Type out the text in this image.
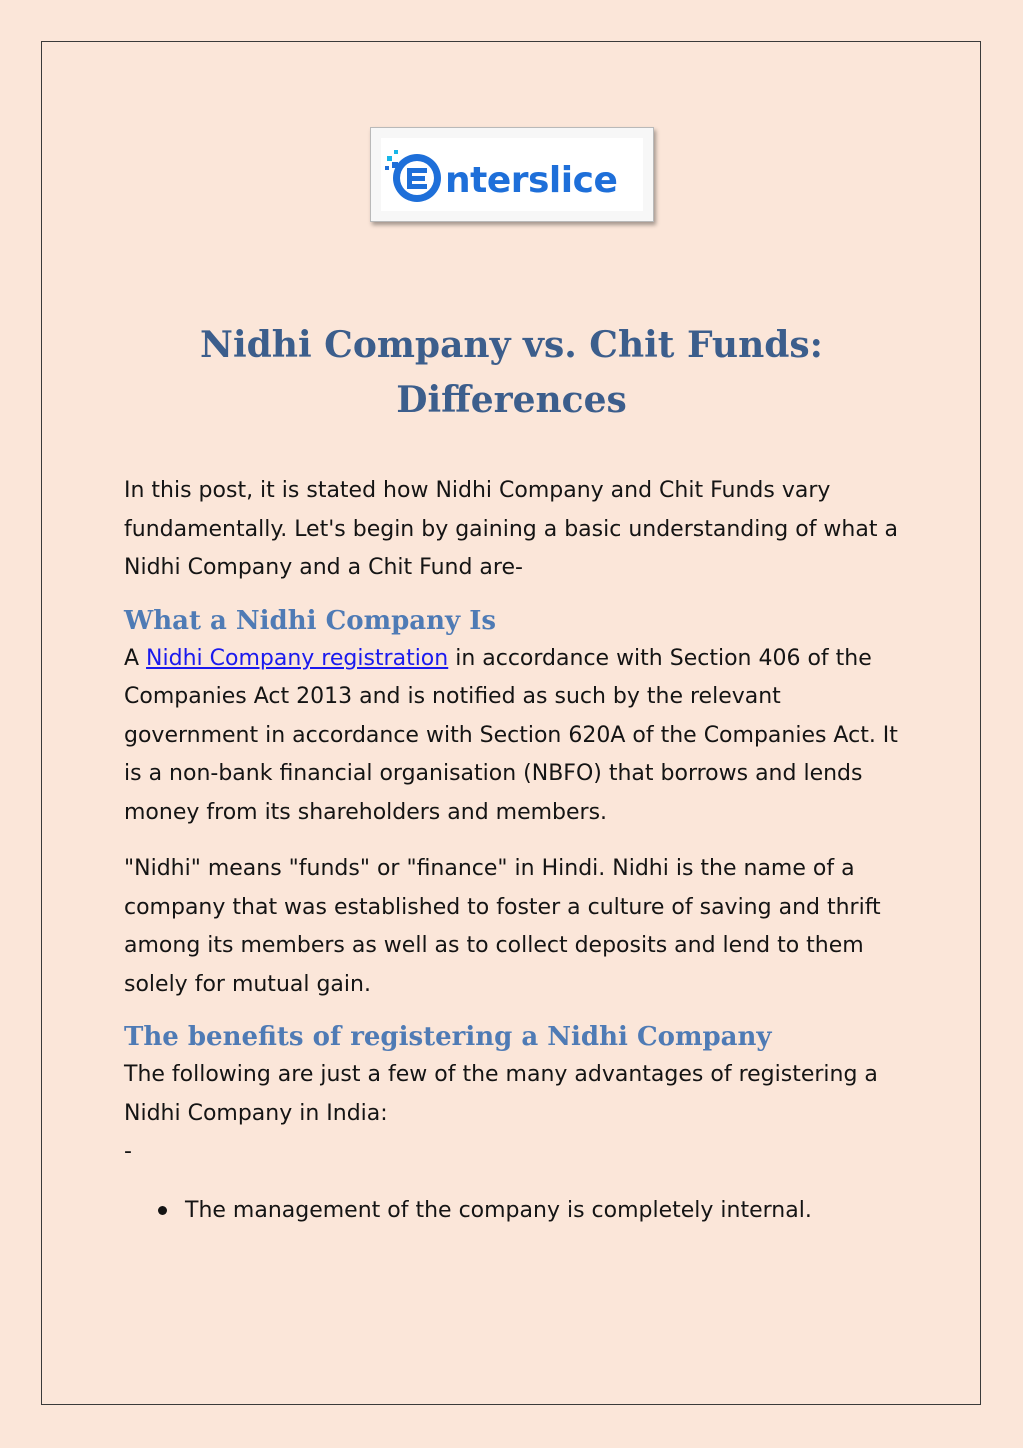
nterslice
Nidhi Company vs. Chit Funds:
Differences

In this post, it is stated how Nidhi Company and Chit Funds vary fundamentally. Let's begin by gaining a basic understanding of what a Nidhi Company and a Chit Fund are-

What a Nidhi Company Is

A Nidhi Company registration in accordance with Section 406 of the Companies Act 2013 and is notified as such by the relevant government in accordance with Section 620A of the Companies Act. It is a non-bank financial organisation (NBFO) that borrows and lends money from its shareholders and members.

"Nidhi" means "funds" or "finance" in Hindi. Nidhi is the name of a company that was established to foster a culture of saving and thrift among its members as well as to collect deposits and lend to them solely for mutual gain.

The benefits of registering a Nidhi Company

The following are just a few of the many advantages of registering a Nidhi Company in India:

-

The management of the company is completely internal.
